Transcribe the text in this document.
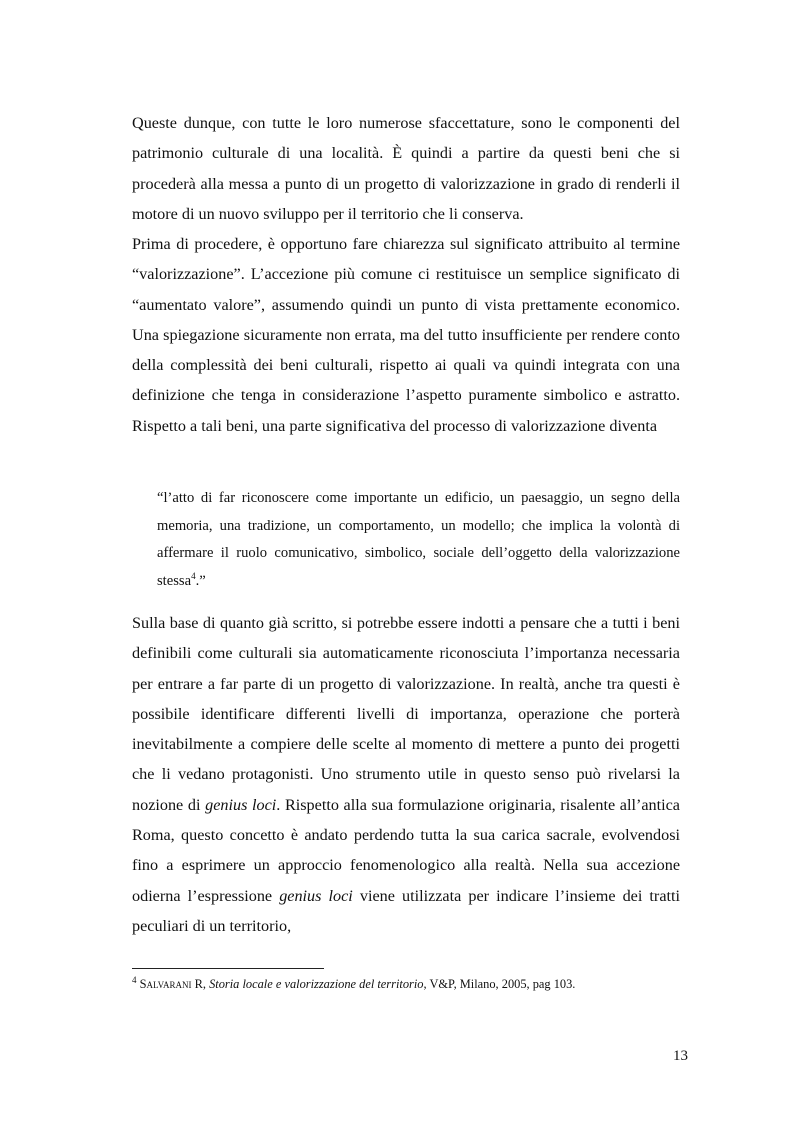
Queste dunque, con tutte le loro numerose sfaccettature, sono le componenti del patrimonio culturale di una località. È quindi a partire da questi beni che si procederà alla messa a punto di un progetto di valorizzazione in grado di renderli il motore di un nuovo sviluppo per il territorio che li conserva.

Prima di procedere, è opportuno fare chiarezza sul significato attribuito al termine “valorizzazione”. L’accezione più comune ci restituisce un semplice significato di “aumentato valore”, assumendo quindi un punto di vista prettamente economico. Una spiegazione sicuramente non errata, ma del tutto insufficiente per rendere conto della complessità dei beni culturali, rispetto ai quali va quindi integrata con una definizione che tenga in considerazione l’aspetto puramente simbolico e astratto. Rispetto a tali beni, una parte significativa del processo di valorizzazione diventa

“l’atto di far riconoscere come importante un edificio, un paesaggio, un segno della memoria, una tradizione, un comportamento, un modello; che implica la volontà di affermare il ruolo comunicativo, simbolico, sociale dell’oggetto della valorizzazione stessa$^4$.”

Sulla base di quanto già scritto, si potrebbe essere indotti a pensare che a tutti i beni definibili come culturali sia automaticamente riconosciuta l’importanza necessaria per entrare a far parte di un progetto di valorizzazione. In realtà, anche tra questi è possibile identificare differenti livelli di importanza, operazione che porterà inevitabilmente a compiere delle scelte al momento di mettere a punto dei progetti che li vedano protagonisti. Uno strumento utile in questo senso può rivelarsi la nozione di genius loci. Rispetto alla sua formulazione originaria, risalente all’antica Roma, questo concetto è andato perdendo tutta la sua carica sacrale, evolvendosi fino a esprimere un approccio fenomenologico alla realtà. Nella sua accezione odierna l’espressione genius loci viene utilizzata per indicare l’insieme dei tratti peculiari di un territorio,

$^4$ Salvarani R, Storia locale e valorizzazione del territorio, V&P, Milano, 2005, pag 103.

13
